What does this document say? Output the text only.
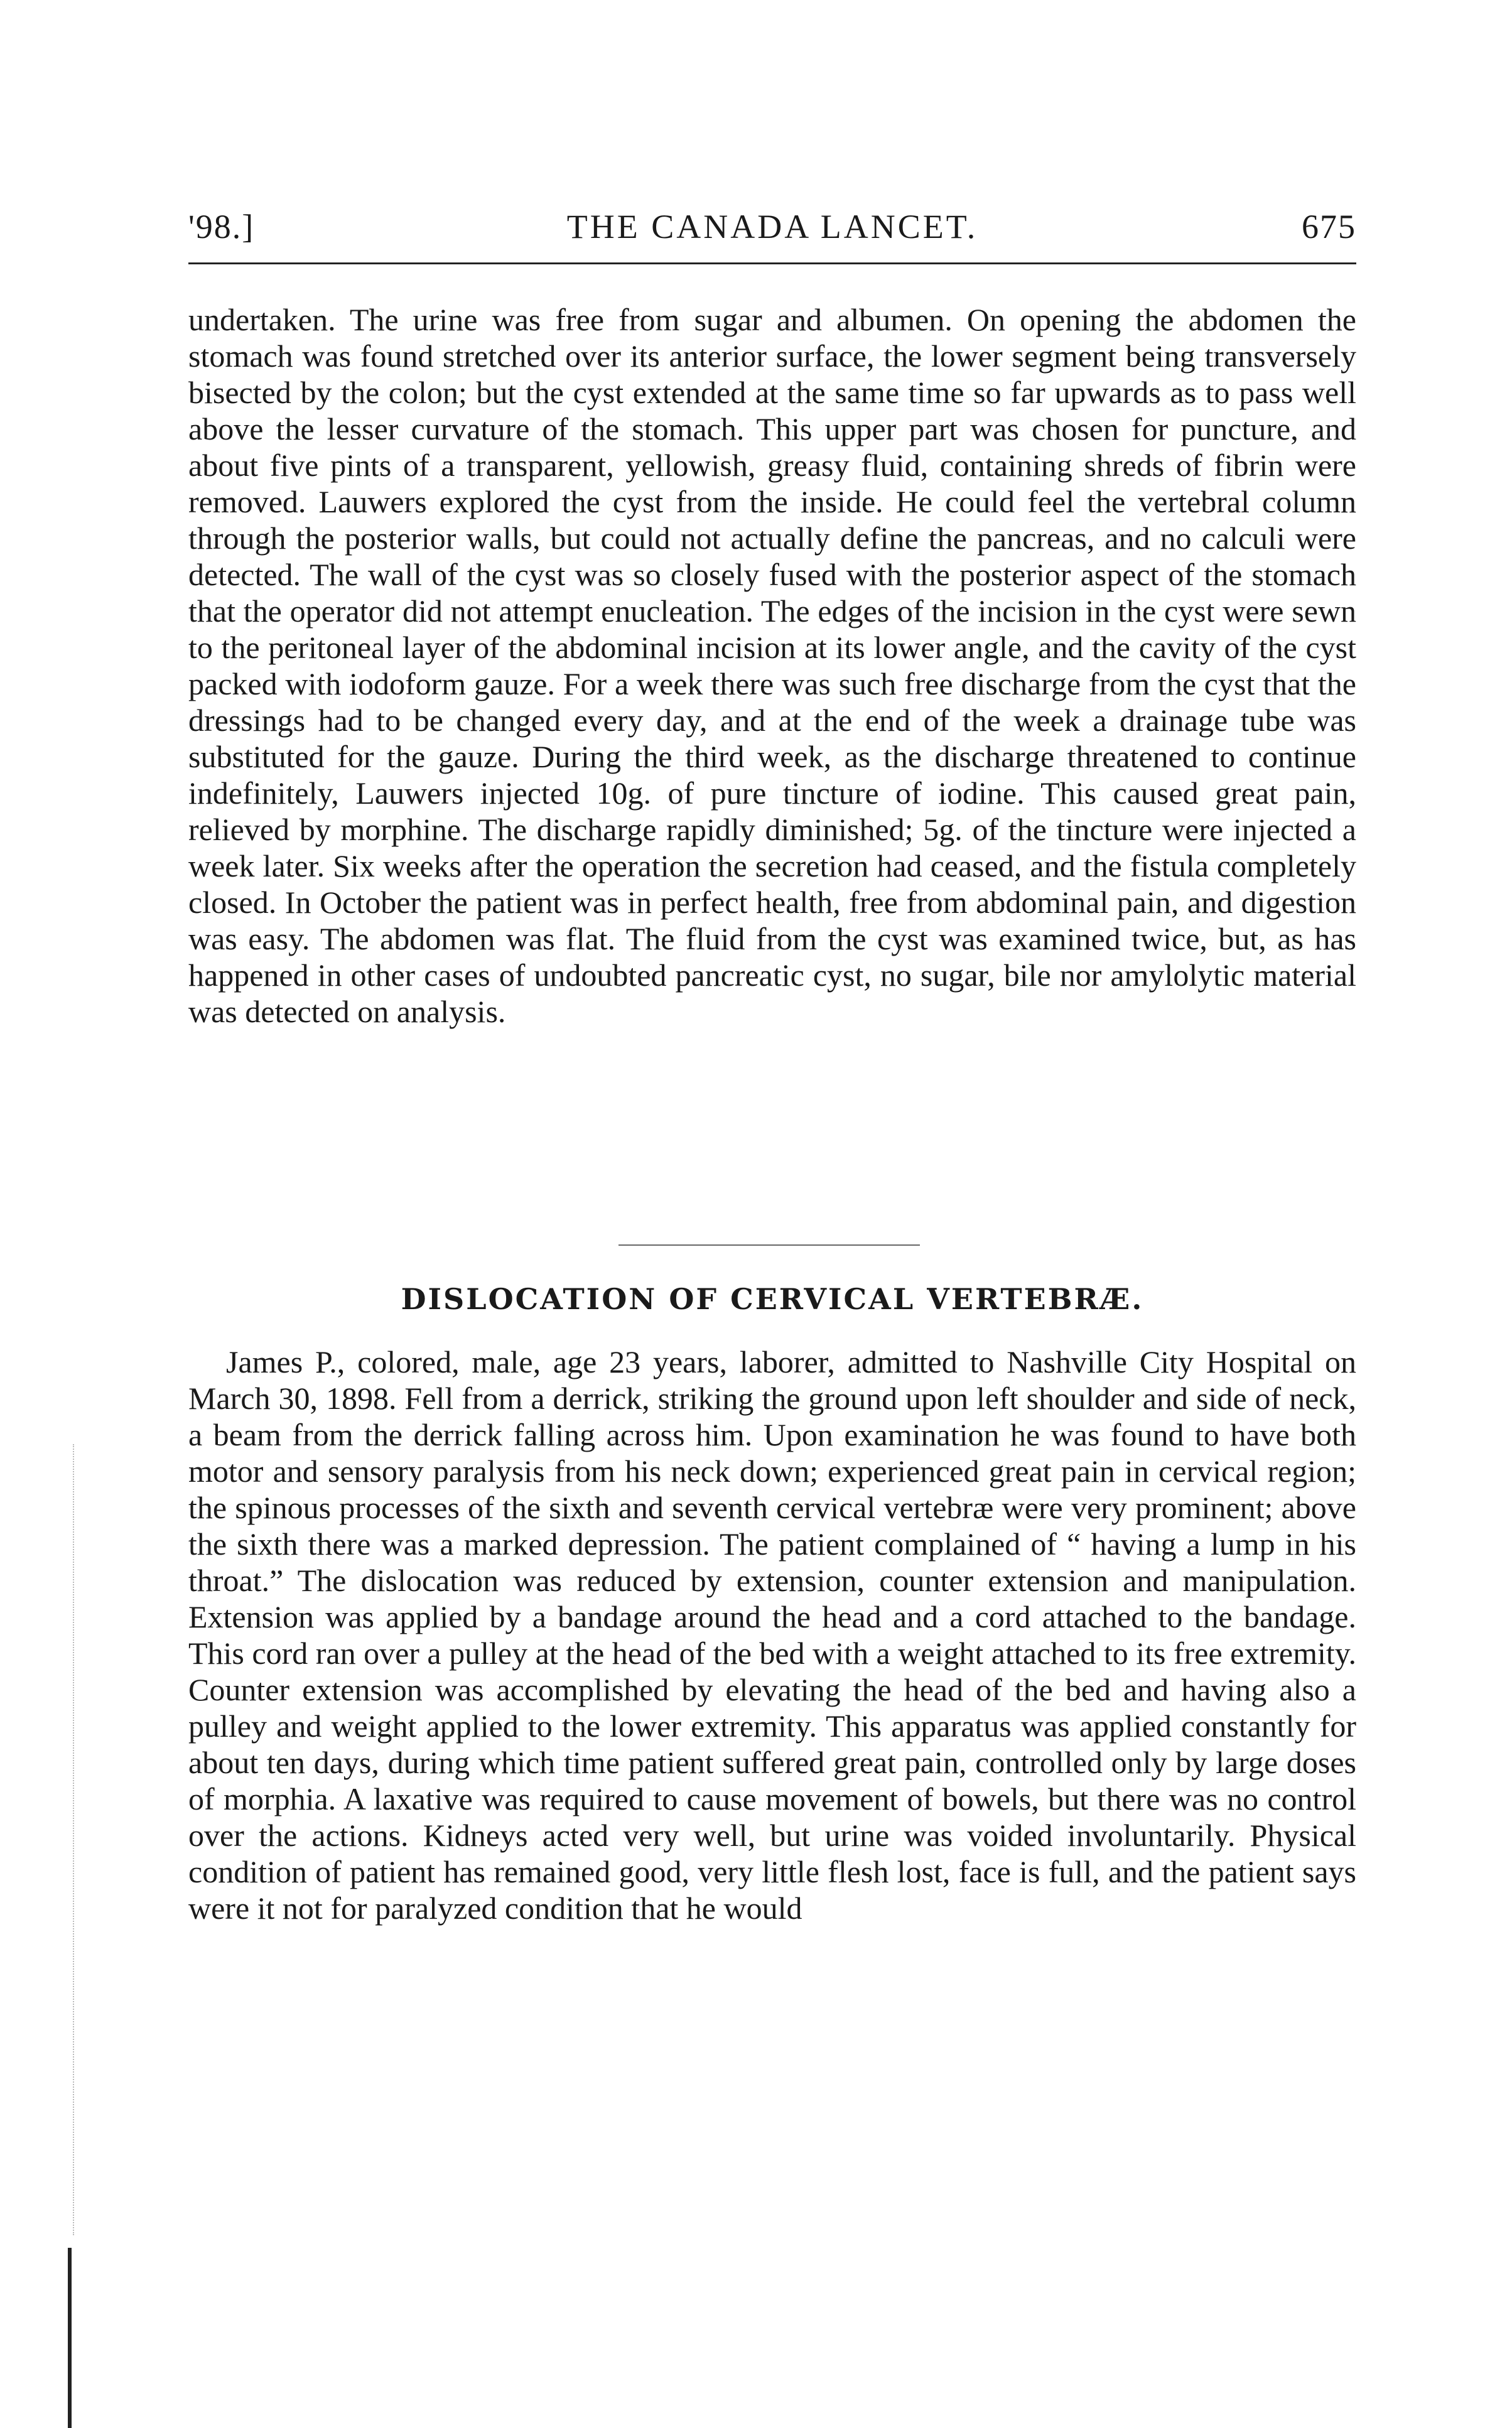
'98.]	THE CANADA LANCET.	675

undertaken. The urine was free from sugar and albumen. On opening the abdomen the stomach was found stretched over its anterior surface, the lower segment being transversely bisected by the colon; but the cyst extended at the same time so far upwards as to pass well above the lesser curvature of the stomach. This upper part was chosen for puncture, and about five pints of a transparent, yellowish, greasy fluid, containing shreds of fibrin were removed. Lauwers explored the cyst from the inside. He could feel the vertebral column through the posterior walls, but could not actually define the pancreas, and no calculi were detected. The wall of the cyst was so closely fused with the posterior aspect of the stomach that the operator did not attempt enucleation. The edges of the incision in the cyst were sewn to the peritoneal layer of the abdominal incision at its lower angle, and the cavity of the cyst packed with iodoform gauze. For a week there was such free discharge from the cyst that the dressings had to be changed every day, and at the end of the week a drainage tube was substituted for the gauze. During the third week, as the discharge threatened to continue indefinitely, Lauwers injected 10g. of pure tincture of iodine. This caused great pain, relieved by morphine. The discharge rapidly diminished; 5g. of the tincture were injected a week later. Six weeks after the operation the secretion had ceased, and the fistula completely closed. In October the patient was in perfect health, free from abdominal pain, and digestion was easy. The abdomen was flat. The fluid from the cyst was examined twice, but, as has happened in other cases of undoubted pancreatic cyst, no sugar, bile nor amylolytic material was detected on analysis.

DISLOCATION OF CERVICAL VERTEBRÆ.

James P., colored, male, age 23 years, laborer, admitted to Nashville City Hospital on March 30, 1898. Fell from a derrick, striking the ground upon left shoulder and side of neck, a beam from the derrick falling across him. Upon examination he was found to have both motor and sensory paralysis from his neck down; experienced great pain in cervical region; the spinous processes of the sixth and seventh cervical vertebræ were very prominent; above the sixth there was a marked depression. The patient complained of “ having a lump in his throat.” The dislocation was reduced by extension, counter extension and manipulation. Extension was applied by a bandage around the head and a cord attached to the bandage. This cord ran over a pulley at the head of the bed with a weight attached to its free extremity. Counter extension was accomplished by elevating the head of the bed and having also a pulley and weight applied to the lower extremity. This apparatus was applied constantly for about ten days, during which time patient suffered great pain, controlled only by large doses of morphia. A laxative was required to cause movement of bowels, but there was no control over the actions. Kidneys acted very well, but urine was voided involuntarily. Physical condition of patient has remained good, very little flesh lost, face is full, and the patient says were it not for paralyzed condition that he would
